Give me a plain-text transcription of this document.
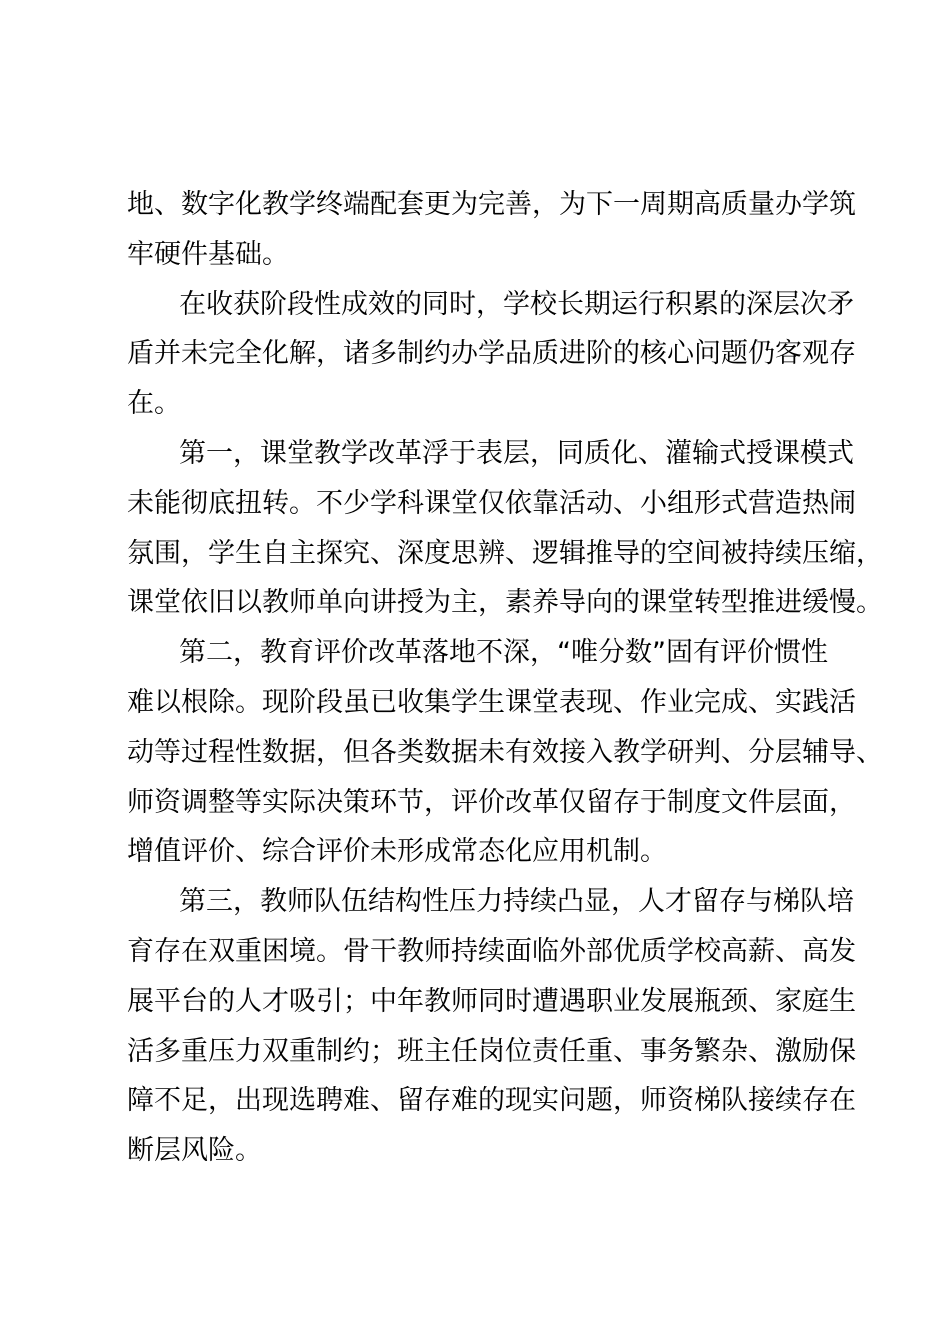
地、数字化教学终端配套更为完善，为下一周期高质量办学筑
牢硬件基础。

在收获阶段性成效的同时，学校长期运行积累的深层次矛
盾并未完全化解，诸多制约办学品质进阶的核心问题仍客观存
在。

第一，课堂教学改革浮于表层，同质化、灌输式授课模式
未能彻底扭转。不少学科课堂仅依靠活动、小组形式营造热闹
氛围，学生自主探究、深度思辨、逻辑推导的空间被持续压缩，
课堂依旧以教师单向讲授为主，素养导向的课堂转型推进缓慢。

第二，教育评价改革落地不深，“唯分数”固有评价惯性
难以根除。现阶段虽已收集学生课堂表现、作业完成、实践活
动等过程性数据，但各类数据未有效接入教学研判、分层辅导、
师资调整等实际决策环节，评价改革仅留存于制度文件层面，
增值评价、综合评价未形成常态化应用机制。

第三，教师队伍结构性压力持续凸显，人才留存与梯队培
育存在双重困境。骨干教师持续面临外部优质学校高薪、高发
展平台的人才吸引；中年教师同时遭遇职业发展瓶颈、家庭生
活多重压力双重制约；班主任岗位责任重、事务繁杂、激励保
障不足，出现选聘难、留存难的现实问题，师资梯队接续存在
断层风险。
